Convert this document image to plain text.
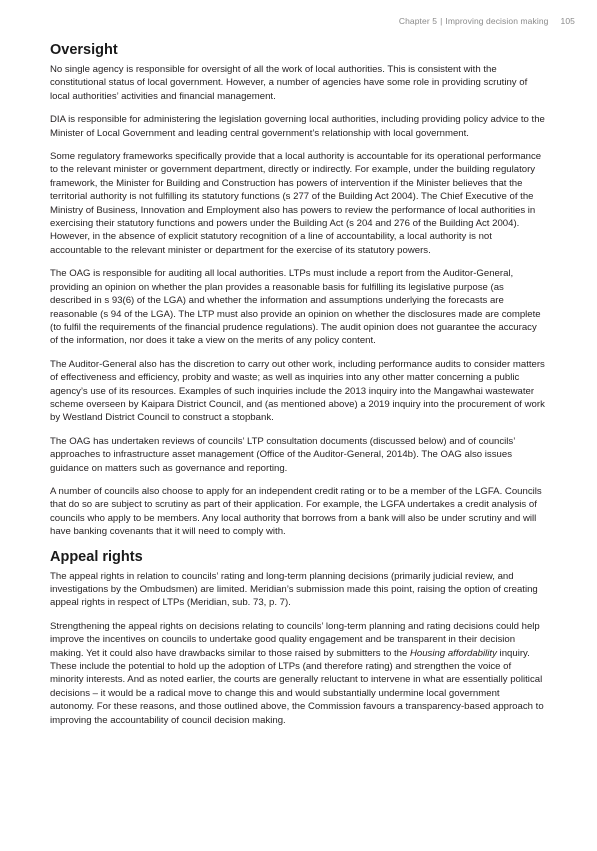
Chapter 5 | Improving decision making 105
Oversight

No single agency is responsible for oversight of all the work of local authorities. This is consistent with the constitutional status of local government. However, a number of agencies have some role in providing scrutiny of local authorities’ activities and financial management.

DIA is responsible for administering the legislation governing local authorities, including providing policy advice to the Minister of Local Government and leading central government’s relationship with local government.

Some regulatory frameworks specifically provide that a local authority is accountable for its operational performance to the relevant minister or government department, directly or indirectly. For example, under the building regulatory framework, the Minister for Building and Construction has powers of intervention if the Minister believes that the territorial authority is not fulfilling its statutory functions (s 277 of the Building Act 2004). The Chief Executive of the Ministry of Business, Innovation and Employment also has powers to review the performance of local authorities in exercising their statutory functions and powers under the Building Act (s 204 and 276 of the Building Act 2004). However, in the absence of explicit statutory recognition of a line of accountability, a local authority is not accountable to the relevant minister or department for the exercise of its statutory powers.

The OAG is responsible for auditing all local authorities. LTPs must include a report from the Auditor-General, providing an opinion on whether the plan provides a reasonable basis for fulfilling its legislative purpose (as described in s 93(6) of the LGA) and whether the information and assumptions underlying the forecasts are reasonable (s 94 of the LGA). The LTP must also provide an opinion on whether the disclosures made are complete (to fulfil the requirements of the financial prudence regulations). The audit opinion does not guarantee the accuracy of the information, nor does it take a view on the merits of any policy content.

The Auditor-General also has the discretion to carry out other work, including performance audits to consider matters of effectiveness and efficiency, probity and waste; as well as inquiries into any other matter concerning a public agency’s use of its resources. Examples of such inquiries include the 2013 inquiry into the Mangawhai wastewater scheme overseen by Kaipara District Council, and (as mentioned above) a 2019 inquiry into the procurement of work by Westland District Council to construct a stopbank.

The OAG has undertaken reviews of councils’ LTP consultation documents (discussed below) and of councils’ approaches to infrastructure asset management (Office of the Auditor-General, 2014b). The OAG also issues guidance on matters such as governance and reporting.

A number of councils also choose to apply for an independent credit rating or to be a member of the LGFA. Councils that do so are subject to scrutiny as part of their application. For example, the LGFA undertakes a credit analysis of councils who apply to be members. Any local authority that borrows from a bank will also be under scrutiny and will have banking covenants that it will need to comply with.

Appeal rights

The appeal rights in relation to councils’ rating and long-term planning decisions (primarily judicial review, and investigations by the Ombudsmen) are limited. Meridian’s submission made this point, raising the option of creating appeal rights in respect of LTPs (Meridian, sub. 73, p. 7).

Strengthening the appeal rights on decisions relating to councils’ long-term planning and rating decisions could help improve the incentives on councils to undertake good quality engagement and be transparent in their decision making. Yet it could also have drawbacks similar to those raised by submitters to the Housing affordability inquiry. These include the potential to hold up the adoption of LTPs (and therefore rating) and strengthen the voice of minority interests. And as noted earlier, the courts are generally reluctant to intervene in what are essentially political decisions – it would be a radical move to change this and would substantially undermine local government autonomy. For these reasons, and those outlined above, the Commission favours a transparency-based approach to improving the accountability of council decision making.
